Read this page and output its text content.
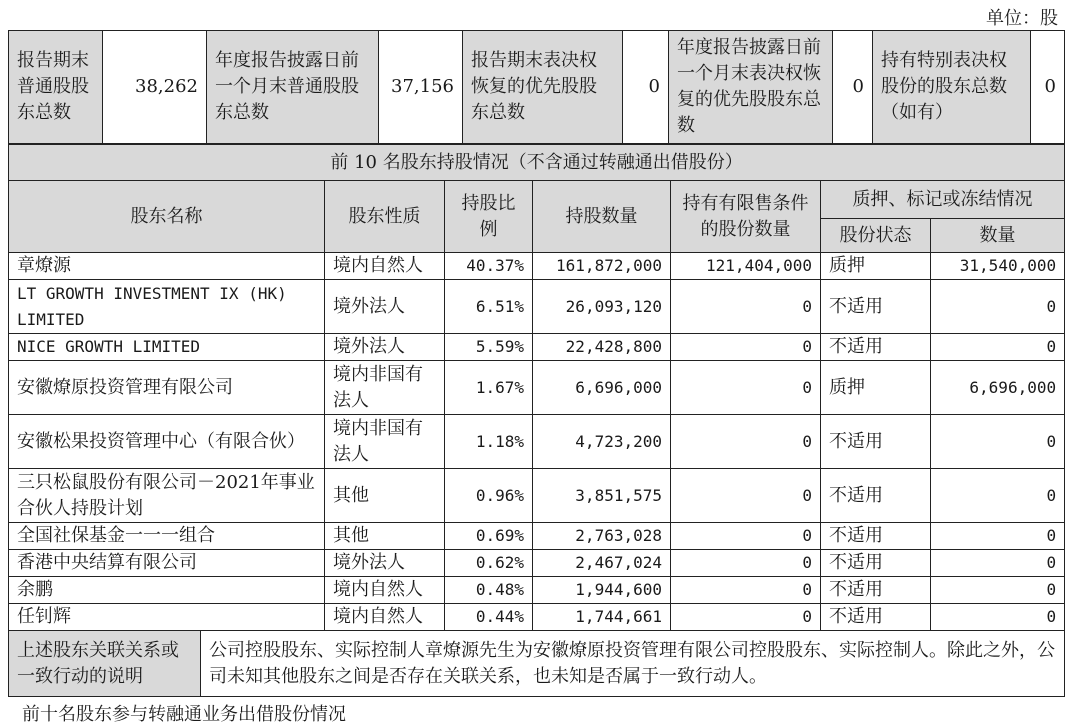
单位：股
报告期末普通股股东总数	38,262	年度报告披露日前一个月末普通股股东总数	37,156	报告期末表决权恢复的优先股股东总数	0	年度报告披露日前一个月末表决权恢复的优先股股东总数	0	持有特别表决权股份的股东总数（如有）	0
前 10 名股东持股情况（不含通过转融通出借股份）							
股东名称		股东性质	持股比例	持股数量	持有有限售条件的股份数量	质押、标记或冻结情况	
						股份状态	数量
章燎源		境内自然人	40.37%	161,872,000	121,404,000	质押	31,540,000
LT GROWTH INVESTMENT IX (HK) LIMITED		境外法人	6.51%	26,093,120	0	不适用	0
NICE GROWTH LIMITED		境外法人	5.59%	22,428,800	0	不适用	0
安徽燎原投资管理有限公司		境内非国有法人	1.67%	6,696,000	0	质押	6,696,000
安徽松果投资管理中心（有限合伙）		境内非国有法人	1.18%	4,723,200	0	不适用	0
三只松鼠股份有限公司－2021年事业合伙人持股计划		其他	0.96%	3,851,575	0	不适用	0
全国社保基金一一一组合		其他	0.69%	2,763,028	0	不适用	0
香港中央结算有限公司		境外法人	0.62%	2,467,024	0	不适用	0
余鹏		境内自然人	0.48%	1,944,600	0	不适用	0
任钊辉		境内自然人	0.44%	1,744,661	0	不适用	0
上述股东关联关系或一致行动的说明	公司控股股东、实际控制人章燎源先生为安徽燎原投资管理有限公司控股股东、实际控制人。除此之外，公司未知其他股东之间是否存在关联关系，也未知是否属于一致行动人。						
前十名股东参与转融通业务出借股份情况
